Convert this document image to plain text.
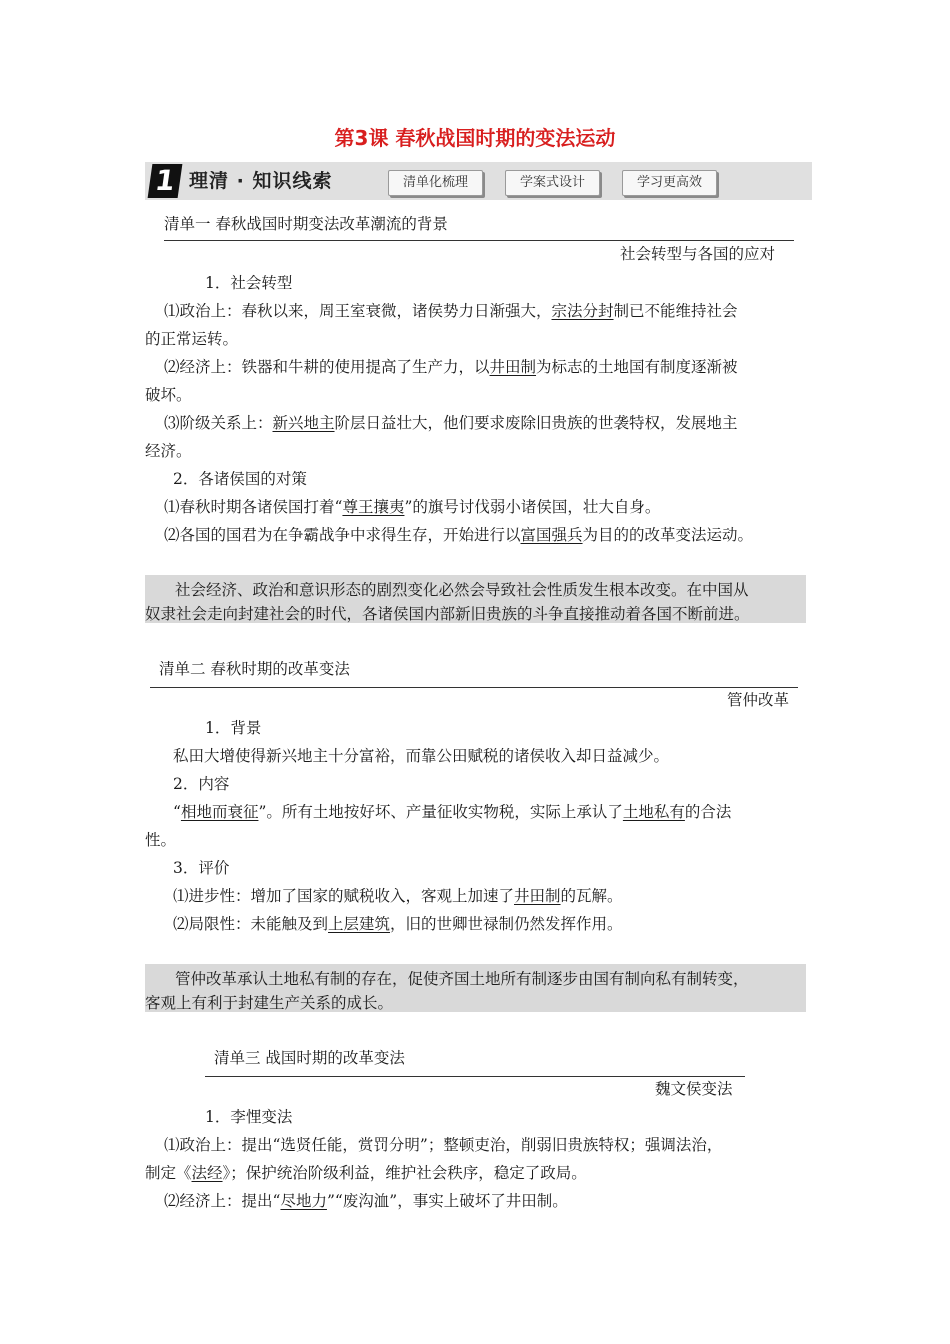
第3课 春秋战国时期的变法运动
1 理清 · 知识线索	清单化梳理	学案式设计	学习更高效
清单一 春秋战国时期变法改革潮流的背景
社会转型与各国的应对
1．社会转型
⑴政治上：春秋以来，周王室衰微，诸侯势力日渐强大，宗法分封制已不能维持社会
的正常运转。
⑵经济上：铁器和牛耕的使用提高了生产力，以井田制为标志的土地国有制度逐渐被
破坏。
⑶阶级关系上：新兴地主阶层日益壮大，他们要求废除旧贵族的世袭特权，发展地主
经济。
2．各诸侯国的对策
⑴春秋时期各诸侯国打着“尊王攘夷”的旗号讨伐弱小诸侯国，壮大自身。
⑵各国的国君为在争霸战争中求得生存，开始进行以富国强兵为目的的改革变法运动。
社会经济、政治和意识形态的剧烈变化必然会导致社会性质发生根本改变。在中国从
奴隶社会走向封建社会的时代，各诸侯国内部新旧贵族的斗争直接推动着各国不断前进。
清单二 春秋时期的改革变法
管仲改革
1．背景
私田大增使得新兴地主十分富裕，而靠公田赋税的诸侯收入却日益减少。
2．内容
“相地而衰征”。所有土地按好坏、产量征收实物税，实际上承认了土地私有的合法
性。
3．评价
⑴进步性：增加了国家的赋税收入，客观上加速了井田制的瓦解。
⑵局限性：未能触及到上层建筑，旧的世卿世禄制仍然发挥作用。
管仲改革承认土地私有制的存在，促使齐国土地所有制逐步由国有制向私有制转变，
客观上有利于封建生产关系的成长。
清单三 战国时期的改革变法
魏文侯变法
1．李悝变法
⑴政治上：提出“选贤任能，赏罚分明”；整顿吏治，削弱旧贵族特权；强调法治，
制定《法经》；保护统治阶级利益，维护社会秩序，稳定了政局。
⑵经济上：提出“尽地力”“废沟洫”，事实上破坏了井田制。
